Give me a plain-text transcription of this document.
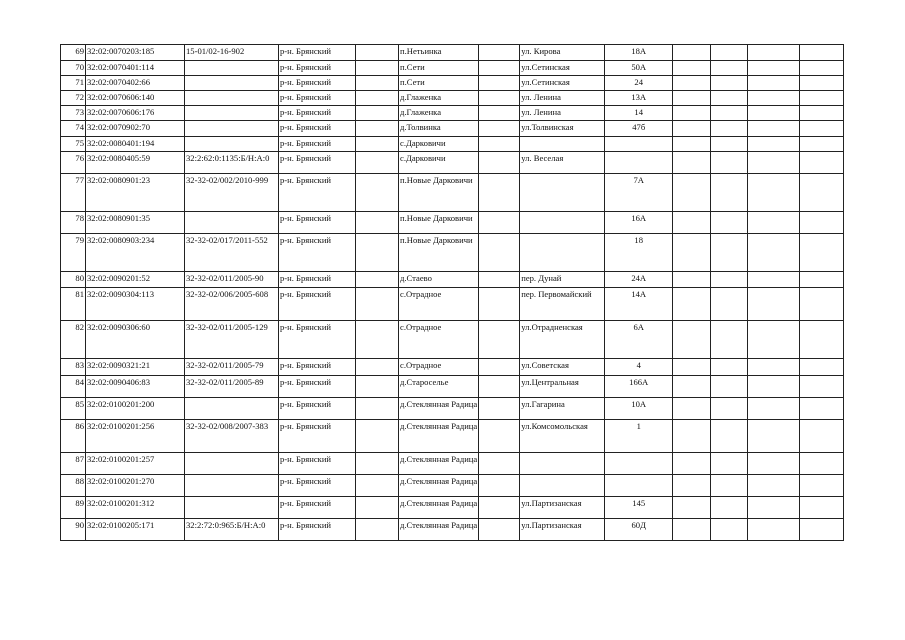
69	32:02:0070203:185	15-01/02-16-902	р-н. Брянский		п.Нетьинка		ул. Кирова	18А				
70	32:02:0070401:114		р-н. Брянский		п.Сети		ул.Сетинская	50А				
71	32:02:0070402:66		р-н. Брянский		п.Сети		ул.Сетинская	24				
72	32:02:0070606:140		р-н. Брянский		д.Глаженка		ул. Ленина	13А				
73	32:02:0070606:176		р-н. Брянский		д.Глаженка		ул. Ленина	14				
74	32:02:0070902:70		р-н. Брянский		д.Толвинка		ул.Толвинская	47б				
75	32:02:0080401:194		р-н. Брянский		с.Дарковичи							
76	32:02:0080405:59	32:2:62:0:1135:Б/Н:А:0	р-н. Брянский		с.Дарковичи		ул. Веселая					
77	32:02:0080901:23	32-32-02/002/2010-999	р-н. Брянский		п.Новые Дарковичи			7А				
78	32:02:0080901:35		р-н. Брянский		п.Новые Дарковичи			16А				
79	32:02:0080903:234	32-32-02/017/2011-552	р-н. Брянский		п.Новые Дарковичи			18				
80	32:02:0090201:52	32-32-02/011/2005-90	р-н. Брянский		д.Стаево		пер. Дунай	24А				
81	32:02:0090304:113	32-32-02/006/2005-608	р-н. Брянский		с.Отрадное		пер. Первомайский	14А				
82	32:02:0090306:60	32-32-02/011/2005-129	р-н. Брянский		с.Отрадное		ул.Отрадненская	6А				
83	32:02:0090321:21	32-32-02/011/2005-79	р-н. Брянский		с.Отрадное		ул.Советская	4				
84	32:02:0090406:83	32-32-02/011/2005-89	р-н. Брянский		д.Староселье		ул.Центральная	166А				
85	32:02:0100201:200		р-н. Брянский		д.Стеклянная Радица		ул.Гагарина	10А				
86	32:02:0100201:256	32-32-02/008/2007-383	р-н. Брянский		д.Стеклянная Радица		ул.Комсомольская	1				
87	32:02:0100201:257		р-н. Брянский		д.Стеклянная Радица							
88	32:02:0100201:270		р-н. Брянский		д.Стеклянная Радица							
89	32:02:0100201:312		р-н. Брянский		д.Стеклянная Радица		ул.Партизанская	145				
90	32:02:0100205:171	32:2:72:0:965:Б/Н:А:0	р-н. Брянский		д.Стеклянная Радица		ул.Партизанская	60Д				
